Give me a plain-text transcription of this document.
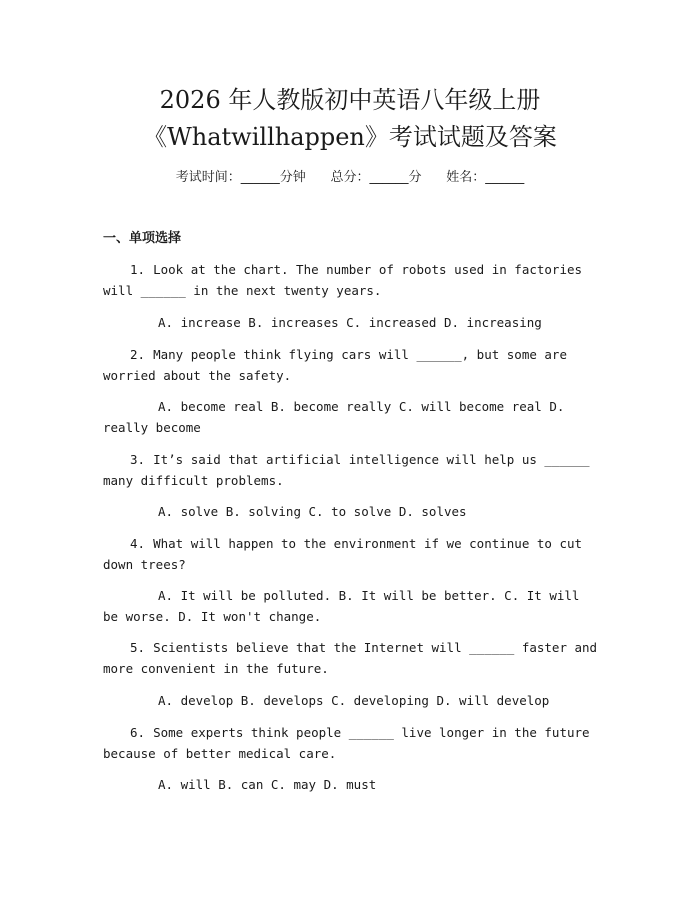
2026 年人教版初中英语八年级上册
《Whatwillhappen》考试试题及答案
考试时间：______分钟      总分：______分      姓名：______
一、单项选择

1. Look at the chart. The number of robots used in factories will ______ in the next twenty years.

A. increase B. increases C. increased D. increasing

2. Many people think flying cars will ______, but some are worried about the safety.

A. become real B. become really C. will become real D. really become

3. It’s said that artificial intelligence will help us ______ many difficult problems.

A. solve B. solving C. to solve D. solves

4. What will happen to the environment if we continue to cut down trees?

A. It will be polluted. B. It will be better. C. It will be worse. D. It won't change.

5. Scientists believe that the Internet will ______ faster and more convenient in the future.

A. develop B. develops C. developing D. will develop

6. Some experts think people ______ live longer in the future because of better medical care.

A. will B. can C. may D. must
